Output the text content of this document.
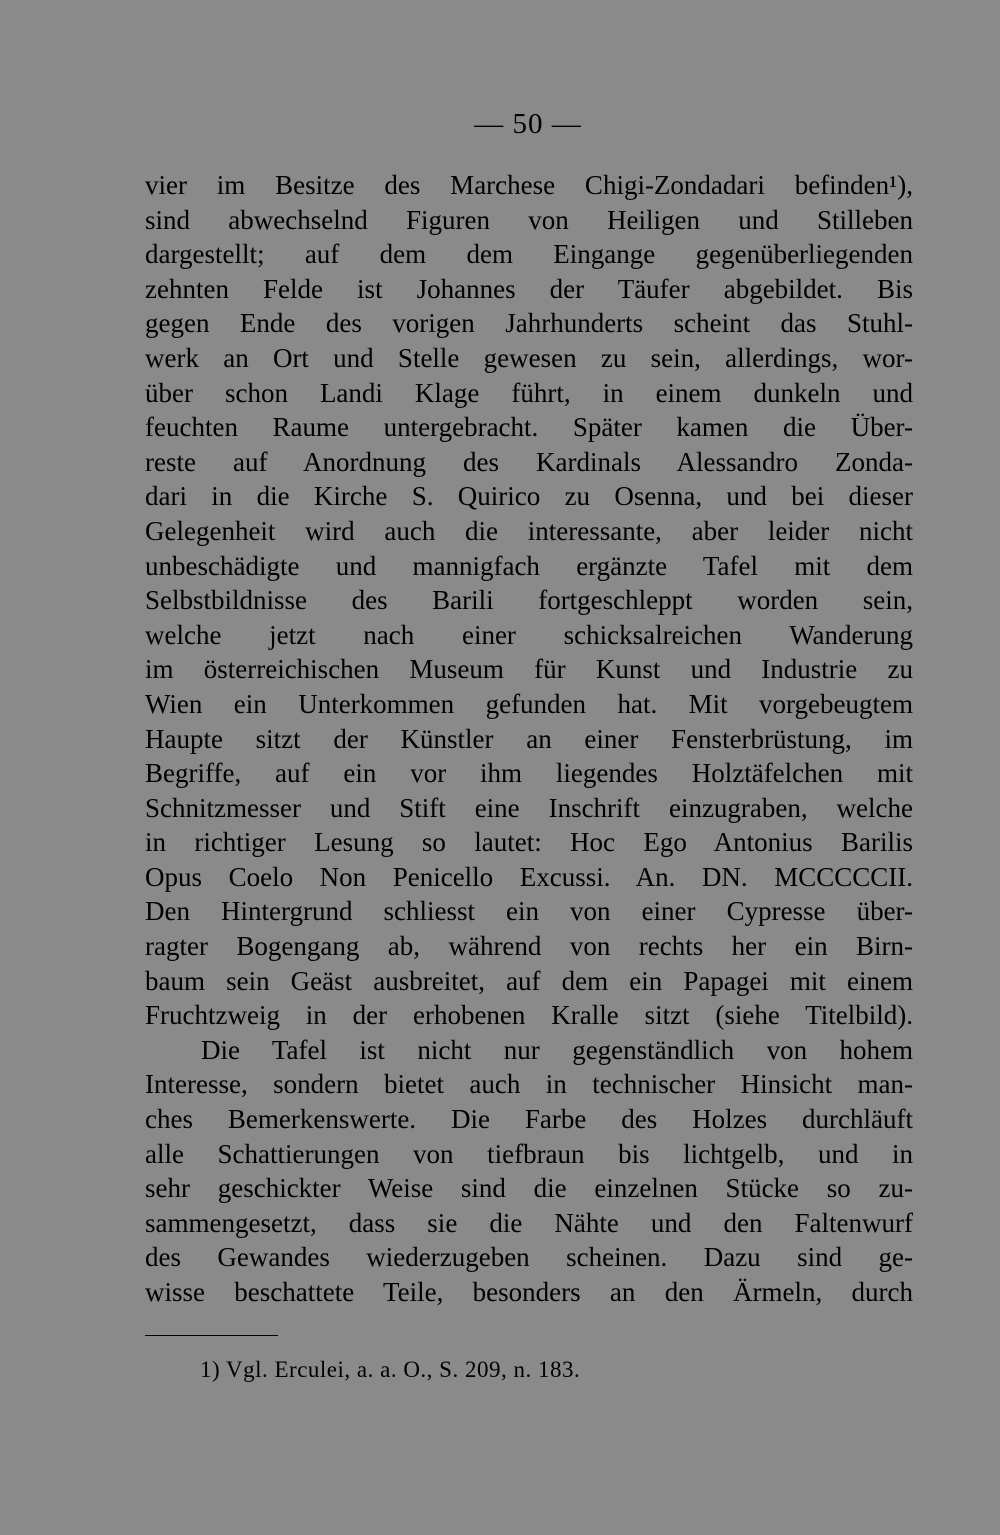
— 50 —
vier im Besitze des Marchese Chigi-Zondadari befinden¹),
sind abwechselnd Figuren von Heiligen und Stilleben
dargestellt; auf dem dem Eingange gegenüberliegenden
zehnten Felde ist Johannes der Täufer abgebildet. Bis
gegen Ende des vorigen Jahrhunderts scheint das Stuhl-
werk an Ort und Stelle gewesen zu sein, allerdings, wor-
über schon Landi Klage führt, in einem dunkeln und
feuchten Raume untergebracht. Später kamen die Über-
reste auf Anordnung des Kardinals Alessandro Zonda-
dari in die Kirche S. Quirico zu Osenna, und bei dieser
Gelegenheit wird auch die interessante, aber leider nicht
unbeschädigte und mannigfach ergänzte Tafel mit dem
Selbstbildnisse des Barili fortgeschleppt worden sein,
welche jetzt nach einer schicksalreichen Wanderung
im österreichischen Museum für Kunst und Industrie zu
Wien ein Unterkommen gefunden hat. Mit vorgebeugtem
Haupte sitzt der Künstler an einer Fensterbrüstung, im
Begriffe, auf ein vor ihm liegendes Holztäfelchen mit
Schnitzmesser und Stift eine Inschrift einzugraben, welche
in richtiger Lesung so lautet: Hoc Ego Antonius Barilis
Opus Coelo Non Penicello Excussi. An. DN. MCCCCCII.
Den Hintergrund schliesst ein von einer Cypresse über-
ragter Bogengang ab, während von rechts her ein Birn-
baum sein Geäst ausbreitet, auf dem ein Papagei mit einem
Fruchtzweig in der erhobenen Kralle sitzt (siehe Titelbild).
Die Tafel ist nicht nur gegenständlich von hohem
Interesse, sondern bietet auch in technischer Hinsicht man-
ches Bemerkenswerte. Die Farbe des Holzes durchläuft
alle Schattierungen von tiefbraun bis lichtgelb, und in
sehr geschickter Weise sind die einzelnen Stücke so zu-
sammengesetzt, dass sie die Nähte und den Faltenwurf
des Gewandes wiederzugeben scheinen. Dazu sind ge-
wisse beschattete Teile, besonders an den Ärmeln, durch
1) Vgl. Erculei, a. a. O., S. 209, n. 183.
